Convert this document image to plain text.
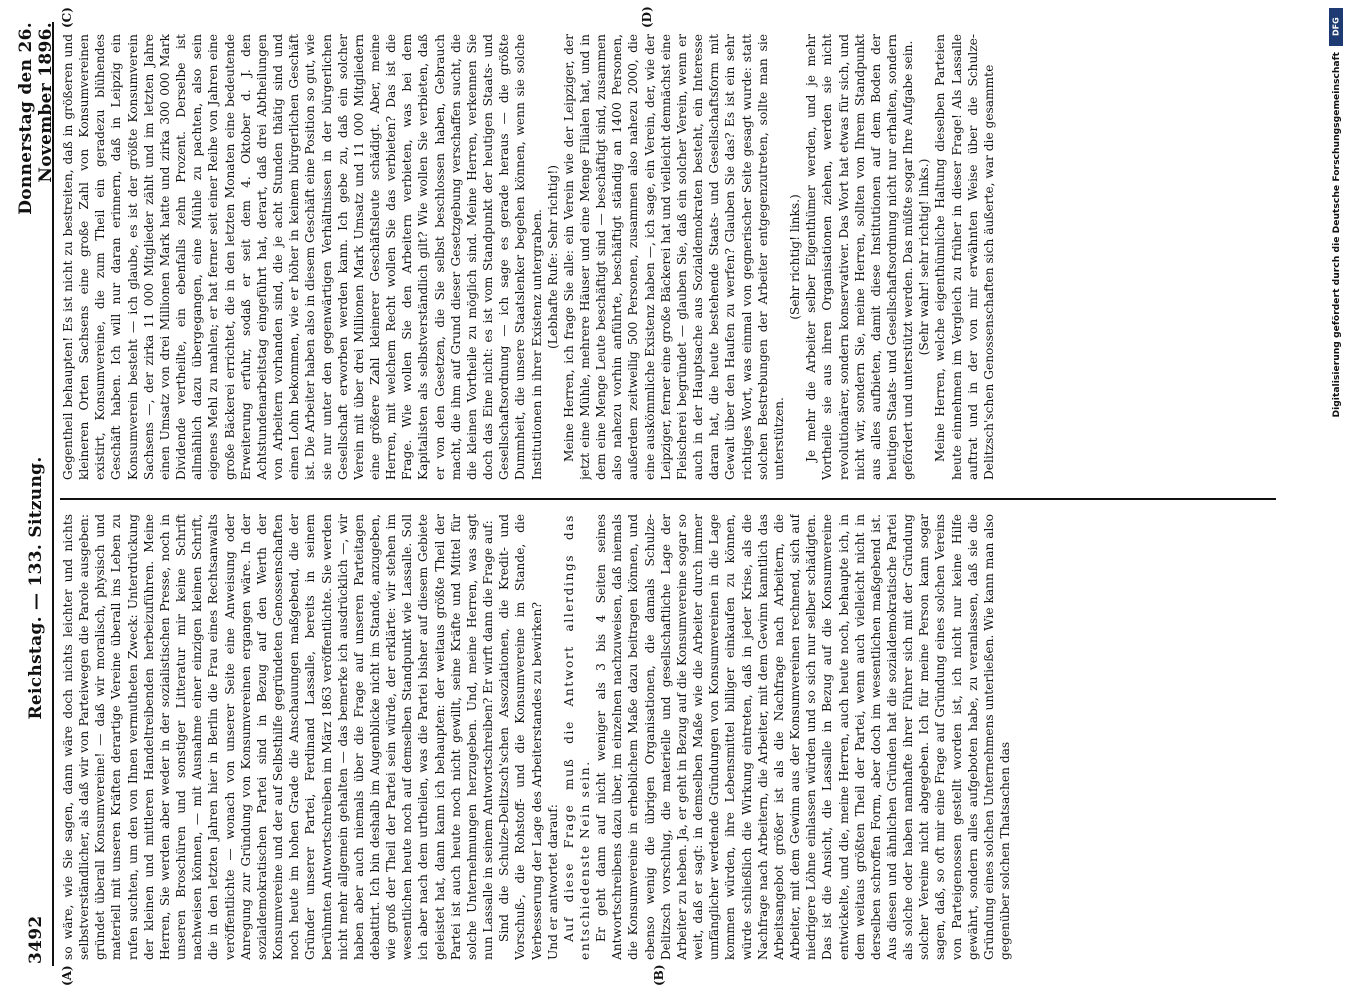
3492
Reichstag. — 133. Sitzung.
Donnerstag den 26. November 1896.
(A)	(B)
(C)	(D)

so wäre, wie Sie sagen, dann wäre doch nichts leichter und nichts selbstverständlicher, als daß wir von Parteiwegen die Parole ausgeben: gründet überall Konsumvereine! — daß wir moralisch, physisch und materiell mit unseren Kräften derartige Vereine überall ins Leben zu rufen suchten, um den von Ihnen vermutheten Zweck: Unterdrückung der kleinen und mittleren Handeltreibenden herbeizuführen. Meine Herren, Sie werden aber weder in der sozialistischen Presse, noch in unseren Broschüren und sonstiger Litteratur mir keine Schrift nachweisen können, — mit Ausnahme einer einzigen kleinen Schrift, die in den letzten Jahren hier in Berlin die Frau eines Rechtsanwalts veröffentlichte — wonach von unserer Seite eine Anweisung oder Anregung zur Gründung von Konsumvereinen ergangen wäre. In der sozialdemokratischen Partei sind in Bezug auf den Werth der Konsumvereine und der auf Selbsthilfe gegründeten Genossenschaften noch heute im hohen Grade die Anschauungen maßgebend, die der Gründer unserer Partei, Ferdinand Lassalle, bereits in seinem berühmten Antwortschreiben im März 1863 veröffentlichte. Sie werden nicht mehr allgemein gehalten — das bemerke ich ausdrücklich —, wir haben aber auch niemals über die Frage auf unseren Parteitagen debattirt. Ich bin deshalb im Augenblicke nicht im Stande, anzugeben, wie groß der Theil der Partei sein würde, der erklärte: wir stehen im wesentlichen heute noch auf demselben Standpunkt wie Lassalle. Soll ich aber nach dem urtheilen, was die Partei bisher auf diesem Gebiete geleistet hat, dann kann ich behaupten: der weitaus größte Theil der Partei ist auch heute noch nicht gewillt, seine Kräfte und Mittel für solche Unternehmungen herzugeben. Und, meine Herren, was sagt nun Lassalle in seinem Antwortschreiben? Er wirft dann die Frage auf: Sind die Schulze-Delitzsch'schen Assoziationen, die Kredit- und Vorschuß-, die Rohstoff- und die Konsumvereine im Stande, die Verbesserung der Lage des Arbeiterstandes zu bewirken? Und er antwortet darauf: Auf diese Frage muß die Antwort allerdings das entschiedenste Nein sein. Er geht dann auf nicht weniger als 3 bis 4 Seiten seines Antwortschreibens dazu über, im einzelnen nachzuweisen, daß niemals die Konsumvereine in erheblichem Maße dazu beitragen können, und ebenso wenig die übrigen Organisationen, die damals Schulze-Delitzsch vorschlug, die materielle und gesellschaftliche Lage der Arbeiter zu heben. Ja, er geht in Bezug auf die Konsumvereine sogar so weit, daß er sagt: in demselben Maße wie die Arbeiter durch immer umfänglicher werdende Gründungen von Konsumvereinen in die Lage kommen würden, ihre Lebensmittel billiger einkaufen zu können, würde schließlich die Wirkung eintreten, daß in jeder Krise, als die Nachfrage nach Arbeitern, die Arbeiter, mit dem Gewinn kanntlich das Arbeitsangebot größer ist als die Nachfrage nach Arbeitern, die Arbeiter, mit dem Gewinn aus der Konsumvereinen rechnend, sich auf niedrigere Löhne einlassen würden und so sich nur selber schädigten. Das ist die Ansicht, die Lassalle in Bezug auf die Konsumvereine entwickelte, und die, meine Herren, auch heute noch, behaupte ich, in dem weitaus größten Theil der Partei, wenn auch vielleicht nicht in derselben schroffen Form, aber doch im wesentlichen maßgebend ist. Aus diesen und ähnlichen Gründen hat die sozialdemokratische Partei als solche oder haben namhafte ihrer Führer sich mit der Gründung solcher Vereine nicht abgegeben. Ich für meine Person kann sogar sagen, daß, so oft mir eine Frage auf Gründung eines solchen Vereins von Parteigenossen gestellt worden ist, ich nicht nur keine Hilfe gewährt, sondern alles aufgeboten habe, zu veranlassen, daß sie die Gründung eines solchen Unternehmens unterließen. Wie kann man also gegenüber solchen Thatsachen das

Gegentheil behaupten! Es ist nicht zu bestreiten, daß in größeren und kleineren Orten Sachsens eine große Zahl von Konsumvereinen existirt, Konsumvereine, die zum Theil ein geradezu blühendes Geschäft haben. Ich will nur daran erinnern, daß in Leipzig ein Konsumverein besteht — ich glaube, es ist der größte Konsumverein Sachsens —, der zirka 11 000 Mitglieder zählt und im letzten Jahre einen Umsatz von drei Millionen Mark hatte und zirka 300 000 Mark Dividende vertheilte, ein ebenfalls zehn Prozent. Derselbe ist allmählich dazu übergegangen, eine Mühle zu pachten, also sein eigenes Mehl zu mahlen; er hat ferner seit einer Reihe von Jahren eine große Bäckerei errichtet, die in den letzten Monaten eine bedeutende Erweiterung erfuhr, sodaß er seit dem 4. Oktober d. J. den Achtstundenarbeitstag eingeführt hat, derart, daß drei Abtheilungen von Arbeitern vorhanden sind, die je acht Stunden thätig sind und einen Lohn bekommen, wie er höher in keinem bürgerlichen Geschäft ist. Die Arbeiter haben also in diesem Geschäft eine Position so gut, wie sie nur unter den gegenwärtigen Verhältnissen in der bürgerlichen Gesellschaft erworben werden kann. Ich gebe zu, daß ein solcher Verein mit über drei Millionen Mark Umsatz und 11 000 Mitgliedern eine größere Zahl kleinerer Geschäftsleute schädigt. Aber, meine Herren, mit welchem Recht wollen Sie das verbieten? Das ist die Frage. Wie wollen Sie den Arbeitern verbieten, was bei dem Kapitalisten als selbstverständlich gilt? Wie wollen Sie verbieten, daß er von den Gesetzen, die Sie selbst beschlossen haben, Gebrauch macht, die ihm auf Grund dieser Gesetzgebung verschaffen sucht, die die kleinen Vortheile zu möglich sind. Meine Herren, verkennen Sie doch das Eine nicht: es ist vom Standpunkt der heutigen Staats- und Gesellschaftsordnung — ich sage es gerade heraus — die größte Dummheit, die unsere Staatslenker begehen können, wenn sie solche Institutionen in ihrer Existenz untergraben. (Lebhafte Rufe: Sehr richtig!) Meine Herren, ich frage Sie alle: ein Verein wie der Leipziger, der jetzt eine Mühle, mehrere Häuser und eine Menge Filialen hat, und in dem eine Menge Leute beschäftigt sind — beschäftigt sind, zusammen also nahezu vorhin anführte, beschäftigt ständig an 1400 Personen, außerdem zeitweilig 500 Personen, zusammen also nahezu 2000, die eine auskömmliche Existenz haben —, ich sage, ein Verein, der, wie der Leipziger, ferner eine große Bäckerei hat und vielleicht demnächst eine Fleischerei begründet — glauben Sie, daß ein solcher Verein, wenn er auch in der Hauptsache aus Sozialdemokraten besteht, ein Interesse daran hat, die heute bestehende Staats- und Gesellschaftsform mit Gewalt über den Haufen zu werfen? Glauben Sie das? Es ist ein sehr richtiges Wort, was einmal von gegnerischer Seite gesagt wurde: statt solchen Bestrebungen der Arbeiter entgegenzutreten, sollte man sie unterstützen.

(Sehr richtig! links.) Je mehr die Arbeiter selber Eigenthümer werden, und je mehr Vortheile sie aus ihren Organisationen ziehen, werden sie nicht revolutionärer, sondern konservativer. Das Wort hat etwas für sich, und nicht wir, sondern Sie, meine Herren, sollten von Ihrem Standpunkt aus alles aufbieten, damit diese Institutionen auf dem Boden der heutigen Staats- und Gesellschaftsordnung nicht nur erhalten, sondern gefördert und unterstützt werden. Das müßte sogar Ihre Aufgabe sein. (Sehr wahr! sehr richtig! links.) Meine Herren, welche eigenthümliche Haltung dieselben Parteien heute einnehmen im Vergleich zu früher in dieser Frage! Als Lassalle auftrat und in der von mir erwähnten Weise über die Schulze-Delitzsch'schen Genossenschaften sich äußerte, war die gesammte

DFG
Digitalisierung gefördert durch die Deutsche Forschungsgemeinschaft
